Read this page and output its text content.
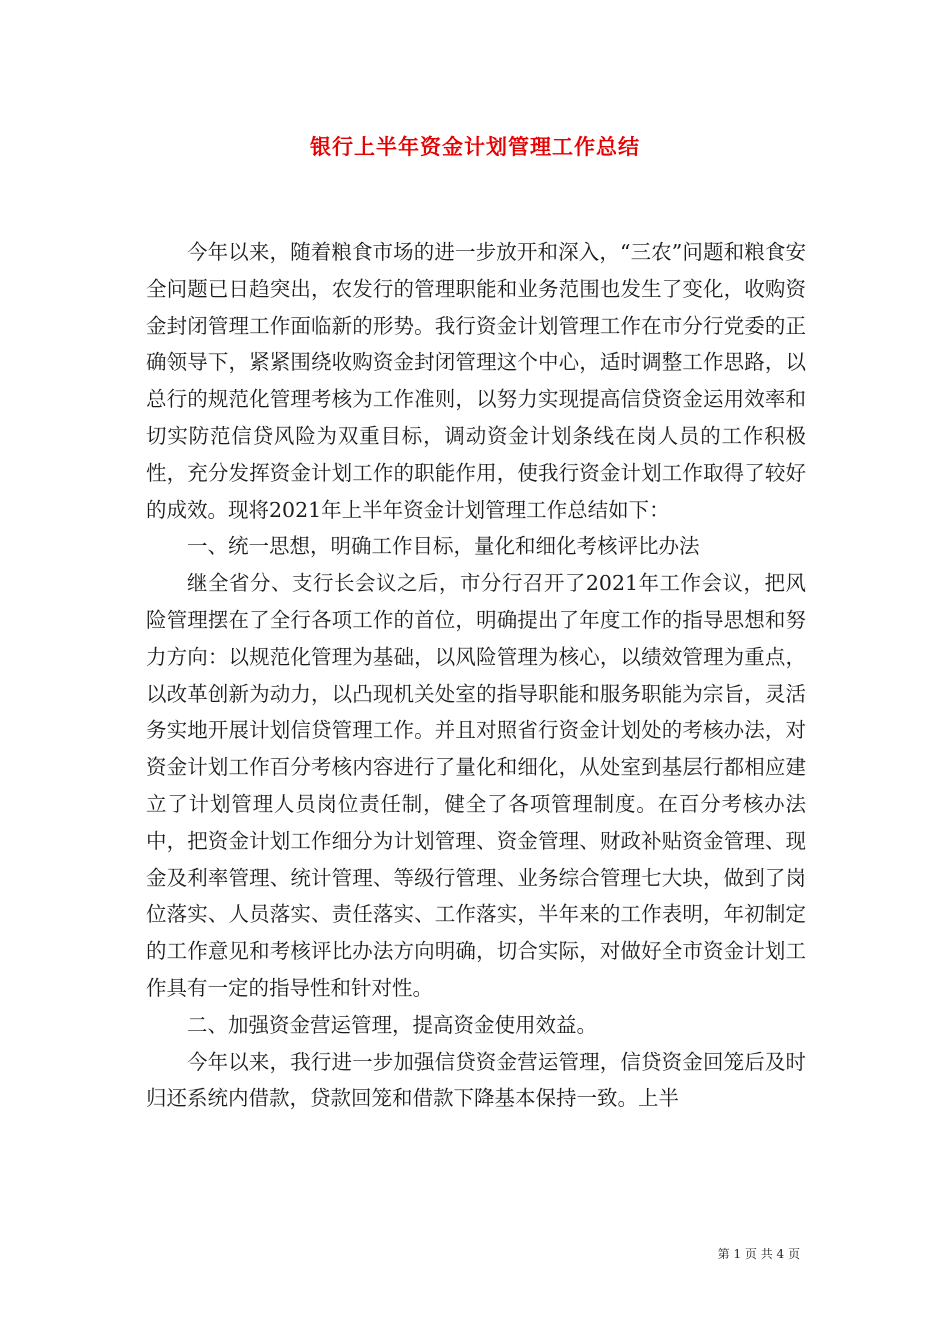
银行上半年资金计划管理工作总结

今年以来，随着粮食市场的进一步放开和深入，“三农”问题和粮食安全问题已日趋突出，农发行的管理职能和业务范围也发生了变化，收购资金封闭管理工作面临新的形势。我行资金计划管理工作在市分行党委的正确领导下，紧紧围绕收购资金封闭管理这个中心，适时调整工作思路，以总行的规范化管理考核为工作准则，以努力实现提高信贷资金运用效率和切实防范信贷风险为双重目标，调动资金计划条线在岗人员的工作积极性，充分发挥资金计划工作的职能作用，使我行资金计划工作取得了较好的成效。现将2021年上半年资金计划管理工作总结如下：

一、统一思想，明确工作目标，量化和细化考核评比办法

继全省分、支行长会议之后，市分行召开了2021年工作会议，把风险管理摆在了全行各项工作的首位，明确提出了年度工作的指导思想和努力方向：以规范化管理为基础，以风险管理为核心，以绩效管理为重点，以改革创新为动力，以凸现机关处室的指导职能和服务职能为宗旨，灵活务实地开展计划信贷管理工作。并且对照省行资金计划处的考核办法，对资金计划工作百分考核内容进行了量化和细化，从处室到基层行都相应建立了计划管理人员岗位责任制，健全了各项管理制度。在百分考核办法中，把资金计划工作细分为计划管理、资金管理、财政补贴资金管理、现金及利率管理、统计管理、等级行管理、业务综合管理七大块，做到了岗位落实、人员落实、责任落实、工作落实，半年来的工作表明，年初制定的工作意见和考核评比办法方向明确，切合实际，对做好全市资金计划工作具有一定的指导性和针对性。

二、加强资金营运管理，提高资金使用效益。

今年以来，我行进一步加强信贷资金营运管理，信贷资金回笼后及时归还系统内借款，贷款回笼和借款下降基本保持一致。上半

第 1 页 共 4 页
